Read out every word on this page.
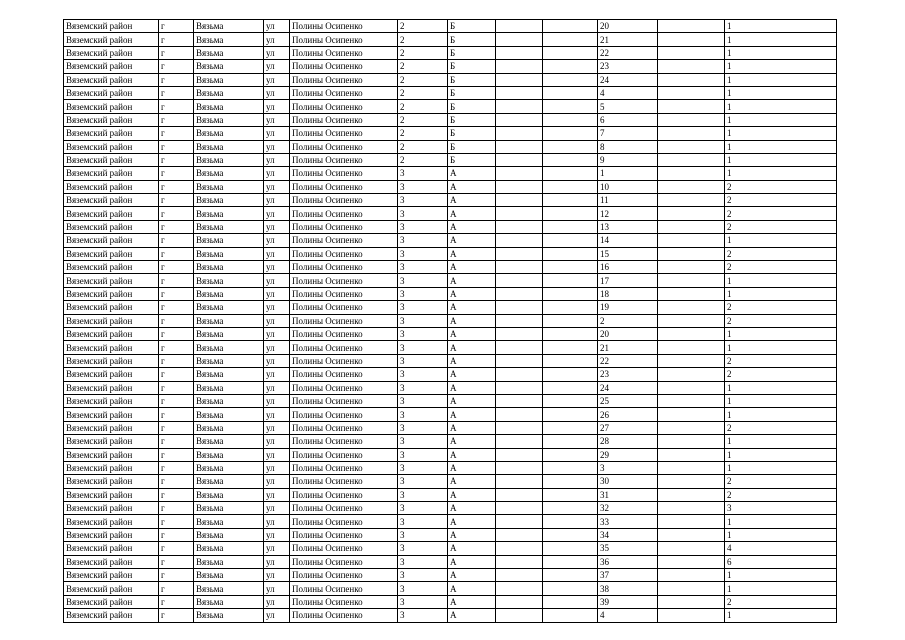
Вяземский район	г	Вязьма	ул	Полины Осипенко	2	Б			20		1
Вяземский район	г	Вязьма	ул	Полины Осипенко	2	Б			21		1
Вяземский район	г	Вязьма	ул	Полины Осипенко	2	Б			22		1
Вяземский район	г	Вязьма	ул	Полины Осипенко	2	Б			23		1
Вяземский район	г	Вязьма	ул	Полины Осипенко	2	Б			24		1
Вяземский район	г	Вязьма	ул	Полины Осипенко	2	Б			4		1
Вяземский район	г	Вязьма	ул	Полины Осипенко	2	Б			5		1
Вяземский район	г	Вязьма	ул	Полины Осипенко	2	Б			6		1
Вяземский район	г	Вязьма	ул	Полины Осипенко	2	Б			7		1
Вяземский район	г	Вязьма	ул	Полины Осипенко	2	Б			8		1
Вяземский район	г	Вязьма	ул	Полины Осипенко	2	Б			9		1
Вяземский район	г	Вязьма	ул	Полины Осипенко	3	А			1		1
Вяземский район	г	Вязьма	ул	Полины Осипенко	3	А			10		2
Вяземский район	г	Вязьма	ул	Полины Осипенко	3	А			11		2
Вяземский район	г	Вязьма	ул	Полины Осипенко	3	А			12		2
Вяземский район	г	Вязьма	ул	Полины Осипенко	3	А			13		2
Вяземский район	г	Вязьма	ул	Полины Осипенко	3	А			14		1
Вяземский район	г	Вязьма	ул	Полины Осипенко	3	А			15		2
Вяземский район	г	Вязьма	ул	Полины Осипенко	3	А			16		2
Вяземский район	г	Вязьма	ул	Полины Осипенко	3	А			17		1
Вяземский район	г	Вязьма	ул	Полины Осипенко	3	А			18		1
Вяземский район	г	Вязьма	ул	Полины Осипенко	3	А			19		2
Вяземский район	г	Вязьма	ул	Полины Осипенко	3	А			2		2
Вяземский район	г	Вязьма	ул	Полины Осипенко	3	А			20		1
Вяземский район	г	Вязьма	ул	Полины Осипенко	3	А			21		1
Вяземский район	г	Вязьма	ул	Полины Осипенко	3	А			22		2
Вяземский район	г	Вязьма	ул	Полины Осипенко	3	А			23		2
Вяземский район	г	Вязьма	ул	Полины Осипенко	3	А			24		1
Вяземский район	г	Вязьма	ул	Полины Осипенко	3	А			25		1
Вяземский район	г	Вязьма	ул	Полины Осипенко	3	А			26		1
Вяземский район	г	Вязьма	ул	Полины Осипенко	3	А			27		2
Вяземский район	г	Вязьма	ул	Полины Осипенко	3	А			28		1
Вяземский район	г	Вязьма	ул	Полины Осипенко	3	А			29		1
Вяземский район	г	Вязьма	ул	Полины Осипенко	3	А			3		1
Вяземский район	г	Вязьма	ул	Полины Осипенко	3	А			30		2
Вяземский район	г	Вязьма	ул	Полины Осипенко	3	А			31		2
Вяземский район	г	Вязьма	ул	Полины Осипенко	3	А			32		3
Вяземский район	г	Вязьма	ул	Полины Осипенко	3	А			33		1
Вяземский район	г	Вязьма	ул	Полины Осипенко	3	А			34		1
Вяземский район	г	Вязьма	ул	Полины Осипенко	3	А			35		4
Вяземский район	г	Вязьма	ул	Полины Осипенко	3	А			36		6
Вяземский район	г	Вязьма	ул	Полины Осипенко	3	А			37		1
Вяземский район	г	Вязьма	ул	Полины Осипенко	3	А			38		1
Вяземский район	г	Вязьма	ул	Полины Осипенко	3	А			39		2
Вяземский район	г	Вязьма	ул	Полины Осипенко	3	А			4		1
